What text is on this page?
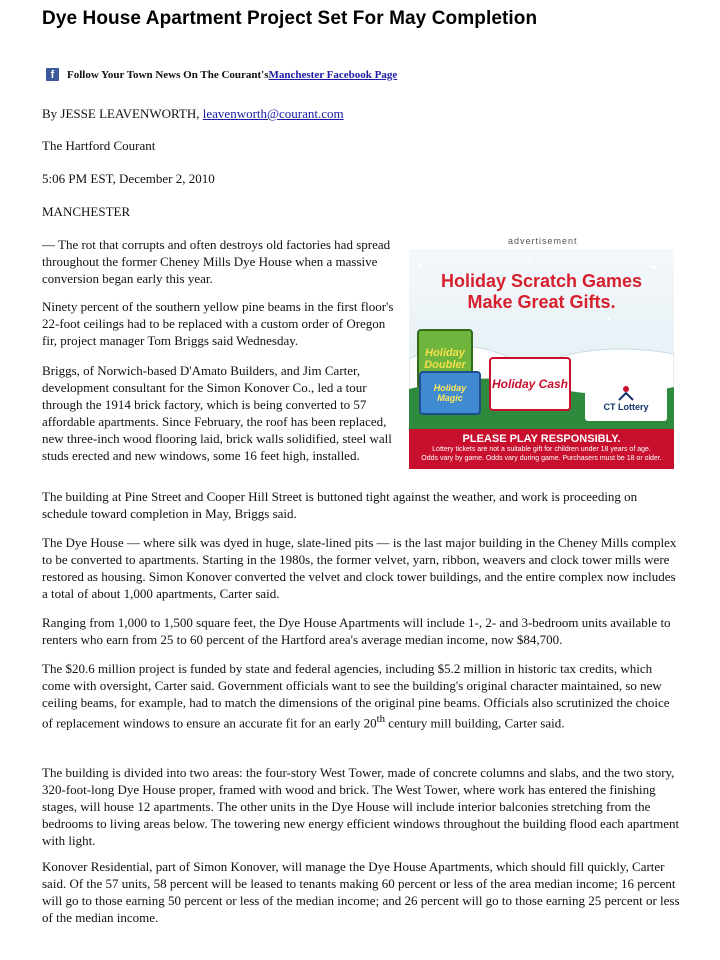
Dye House Apartment Project Set For May Completion
f	Follow Your Town News On The Courant's Manchester Facebook Page
By JESSE LEAVENWORTH, leavenworth@courant.com
The Hartford Courant
5:06 PM EST, December 2, 2010
MANCHESTER

— The rot that corrupts and often destroys old factories had spread throughout the former Cheney Mills Dye House when a massive conversion began early this year.

Ninety percent of the southern yellow pine beams in the first floor's 22-foot ceilings had to be replaced with a custom order of Oregon fir, project manager Tom Briggs said Wednesday.

Briggs, of Norwich-based D'Amato Builders, and Jim Carter, development consultant for the Simon Konover Co., led a tour through the 1914 brick factory, which is being converted to 57 affordable apartments. Since February, the roof has been replaced, new three-inch wood flooring laid, brick walls solidified, steel wall studs erected and new windows, some 16 feet high, installed.

The building at Pine Street and Cooper Hill Street is buttoned tight against the weather, and work is proceeding on schedule toward completion in May, Briggs said.

The Dye House — where silk was dyed in huge, slate-lined pits — is the last major building in the Cheney Mills complex to be converted to apartments. Starting in the 1980s, the former velvet, yarn, ribbon, weavers and clock tower mills were restored as housing. Simon Konover converted the velvet and clock tower buildings, and the entire complex now includes a total of about 1,000 apartments, Carter said.

Ranging from 1,000 to 1,500 square feet, the Dye House Apartments will include 1-, 2- and 3-bedroom units available to renters who earn from 25 to 60 percent of the Hartford area's average median income, now $84,700.

The $20.6 million project is funded by state and federal agencies, including $5.2 million in historic tax credits, which come with oversight, Carter said. Government officials want to see the building's original character maintained, so new ceiling beams, for example, had to match the dimensions of the original pine beams. Officials also scrutinized the choice of replacement windows to ensure an accurate fit for an early 20th century mill building, Carter said.

The building is divided into two areas: the four-story West Tower, made of concrete columns and slabs, and the two story, 320-foot-long Dye House proper, framed with wood and brick. The West Tower, where work has entered the finishing stages, will house 12 apartments. The other units in the Dye House will include interior balconies stretching from the bedrooms to living areas below. The towering new energy efficient windows throughout the building flood each apartment with light.

Konover Residential, part of Simon Konover, will manage the Dye House Apartments, which should fill quickly, Carter said. Of the 57 units, 58 percent will be leased to tenants making 60 percent or less of the area median income; 16 percent will go to those earning 50 percent or less of the median income; and 26 percent will go to those earning 25 percent or less of the median income.

advertisement
Holiday Scratch Games
Make Great Gifts.
Holiday Doubler
Holiday Magic
Holiday Cash
CT Lottery
PLEASE PLAY RESPONSIBLY.
Lottery tickets are not a suitable gift for children under 18 years of age.
Odds vary by game. Odds vary during game. Purchasers must be 18 or older.
